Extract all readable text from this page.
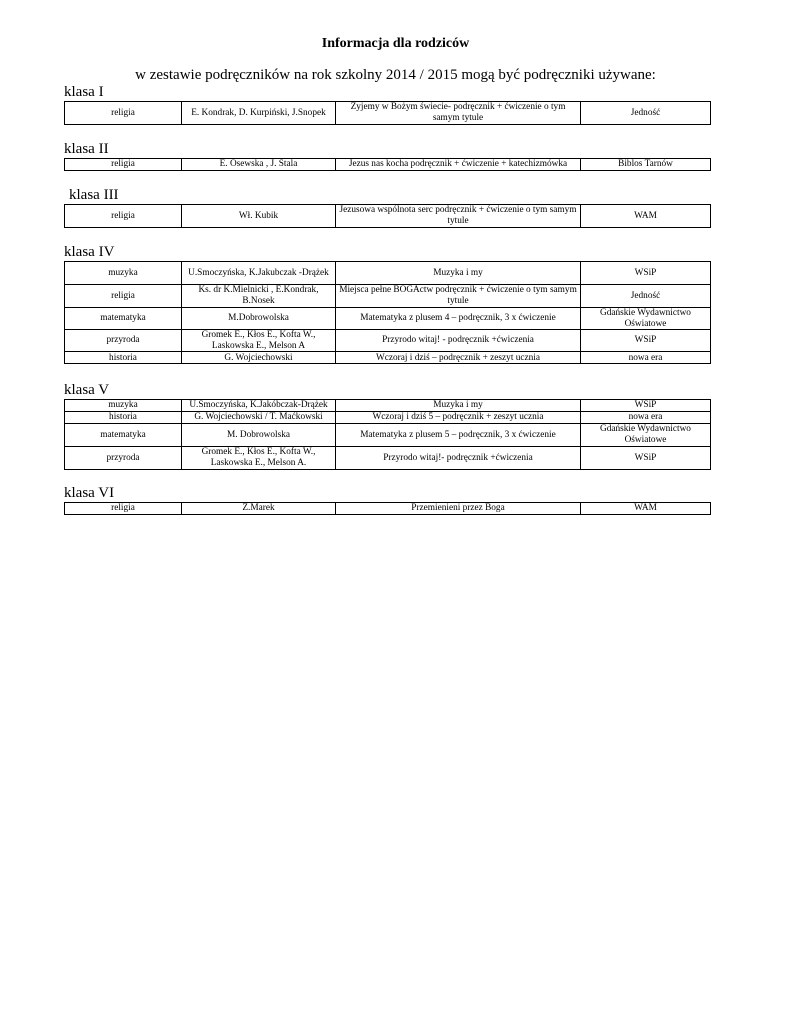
Informacja dla rodziców

w zestawie podręczników na rok szkolny 2014 / 2015 mogą być podręczniki używane:

klasa I
religia	E. Kondrak, D. Kurpiński, J.Snopek	Żyjemy w Bożym świecie- podręcznik + ćwiczenie o tym samym tytule	Jedność
klasa II
religia	E. Osewska , J. Stala	Jezus nas kocha podręcznik + ćwiczenie + katechizmówka	Biblos Tarnów
klasa III
religia	Wł. Kubik	Jezusowa wspólnota serc podręcznik + ćwiczenie o tym samym tytule	WAM
klasa IV
muzyka	U.Smoczyńska, K.Jakubczak -Drążek	Muzyka i my	WSiP
religia	Ks. dr K.Mielnicki , E.Kondrak, B.Nosek	Miejsca pełne BOGActw podręcznik + ćwiczenie o tym samym tytule	Jedność
matematyka	M.Dobrowolska	Matematyka z plusem 4 – podręcznik, 3 x ćwiczenie	Gdańskie Wydawnictwo Oświatowe
przyroda	Gromek E., Kłos E., Kofta W., Laskowska E., Melson A	Przyrodo witaj! - podręcznik +ćwiczenia	WSiP
historia	G. Wojciechowski	Wczoraj i dziś – podręcznik + zeszyt ucznia	nowa era
klasa V
muzyka	U.Smoczyńska, K.Jakóbczak-Drążek	Muzyka i my	WSiP
historia	G. Wojciechowski / T. Maćkowski	Wczoraj i dziś 5 – podręcznik + zeszyt ucznia	nowa era
matematyka	M. Dobrowolska	Matematyka z plusem 5 – podręcznik, 3 x ćwiczenie	Gdańskie Wydawnictwo Oświatowe
przyroda	Gromek E., Kłos E., Kofta W., Laskowska E., Melson A.	Przyrodo witaj!- podręcznik +ćwiczenia	WSiP
klasa VI
religia	Z.Marek	Przemienieni przez Boga	WAM
